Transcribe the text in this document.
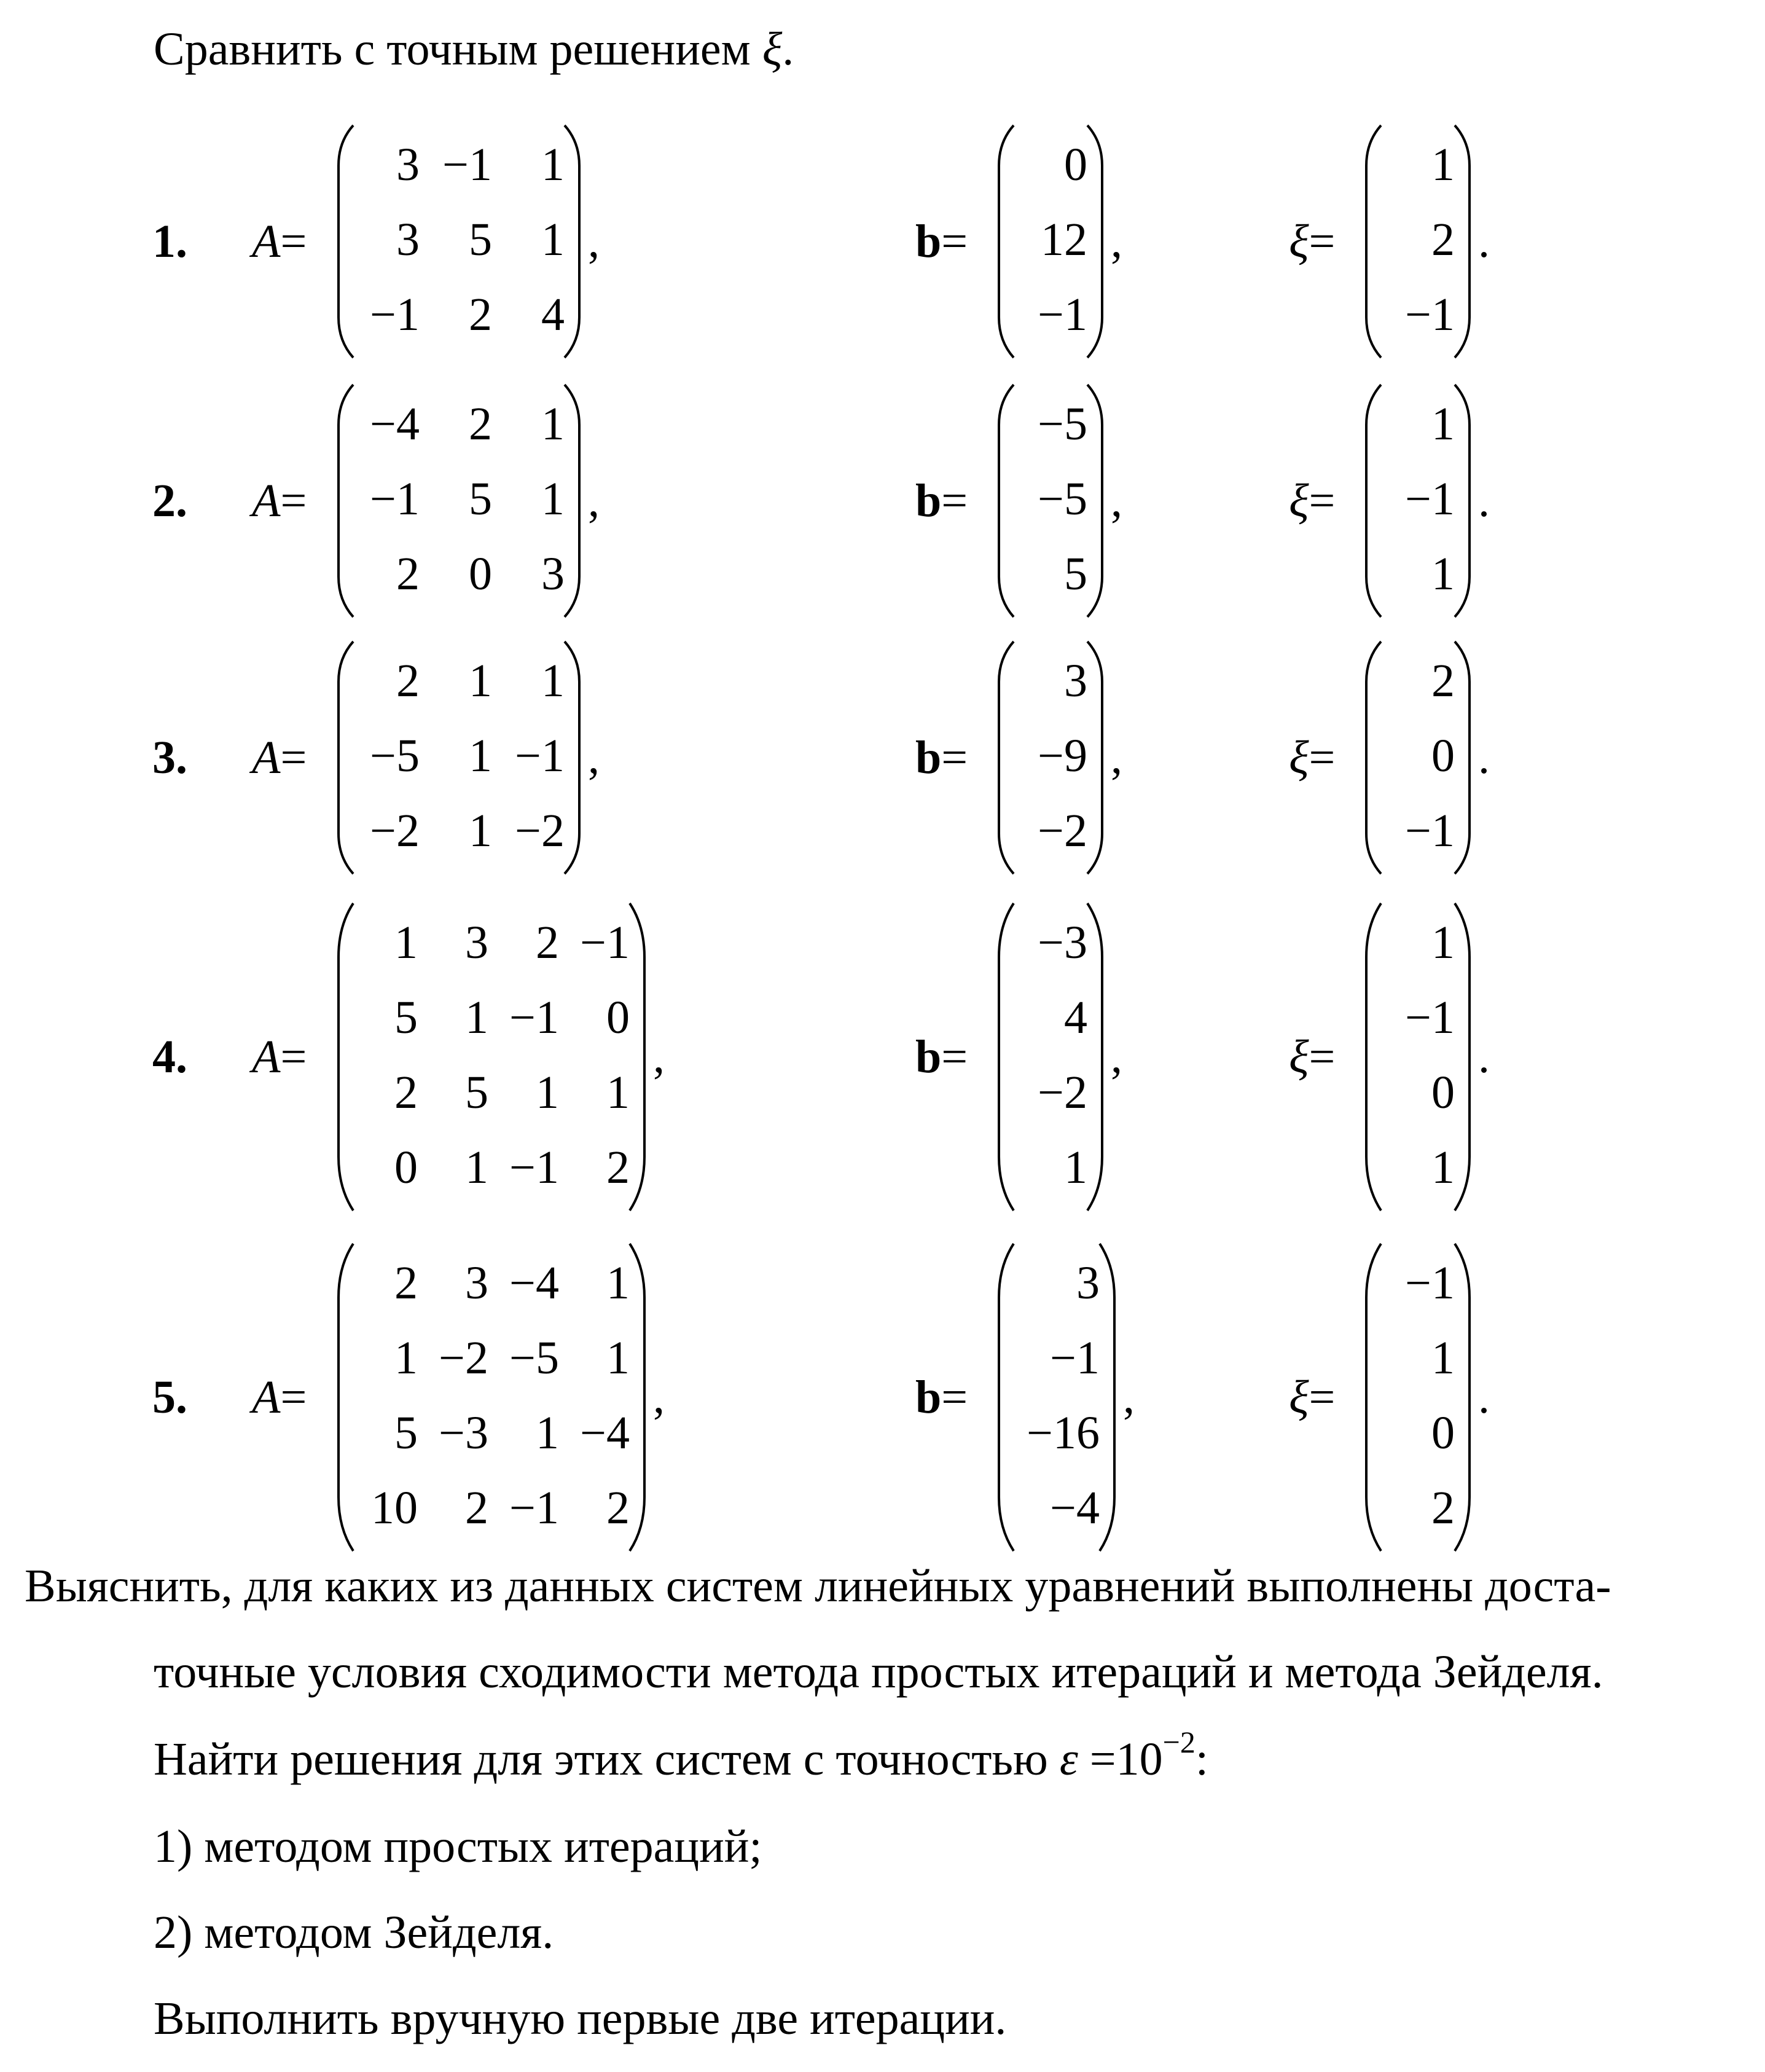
Сравнить с точным решением ξ.
1. A=
3 −1	1
3	5	1
−1	2	4
,	b=
0
12
−1
,	ξ=
1
2
−1
.
2. A=
−4	2	1
−1	5	1
2	0	3
,	b=
−5
−5
5
,	ξ=
1
−1
1
.
3. A=
2	1	1
−5	1 −1
−2	1 −2
,	b=
3
−9
−2
,	ξ=
2
0
−1
.
4. A=
1	3	2 −1
5	1 −1	0
2	5	1	1
0	1 −1	2
,	b=
−3
4
−2
1
,	ξ=
1
−1
0
1
.
5. A=
2	3 −4	1
1 −2 −5	1
5 −3	1 −4
10	2 −1	2
,	b=
3
−1
−16
−4
,	ξ=
−1
1
0
2
.
Выяснить, для каких из данных систем линейных уравнений выполнены доста-
точные условия сходимости метода простых итераций и метода Зейделя.
Найти решения для этих систем с точностью $\varepsilon =10^{-2}$:
1) методом простых итераций;
2) методом Зейделя.
Выполнить вручную первые две итерации.
